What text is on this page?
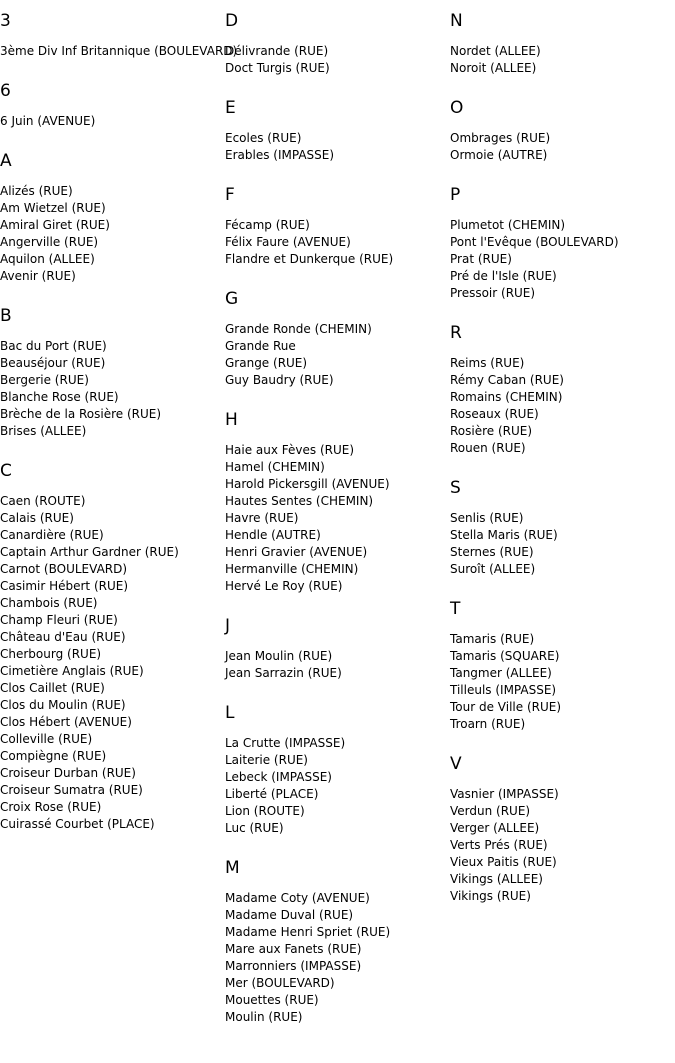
3
3ème Div Inf Britannique (BOULEVARD)
6
6 Juin (AVENUE)
A
Alizés (RUE)
Am Wietzel (RUE)
Amiral Giret (RUE)
Angerville (RUE)
Aquilon (ALLEE)
Avenir (RUE)
B
Bac du Port (RUE)
Beauséjour (RUE)
Bergerie (RUE)
Blanche Rose (RUE)
Brèche de la Rosière (RUE)
Brises (ALLEE)
C
Caen (ROUTE)
Calais (RUE)
Canardière (RUE)
Captain Arthur Gardner (RUE)
Carnot (BOULEVARD)
Casimir Hébert (RUE)
Chambois (RUE)
Champ Fleuri (RUE)
Château d'Eau (RUE)
Cherbourg (RUE)
Cimetière Anglais (RUE)
Clos Caillet (RUE)
Clos du Moulin (RUE)
Clos Hébert (AVENUE)
Colleville (RUE)
Compiègne (RUE)
Croiseur Durban (RUE)
Croiseur Sumatra (RUE)
Croix Rose (RUE)
Cuirassé Courbet (PLACE)
D
Délivrande (RUE)
Doct Turgis (RUE)
E
Ecoles (RUE)
Erables (IMPASSE)
F
Fécamp (RUE)
Félix Faure (AVENUE)
Flandre et Dunkerque (RUE)
G
Grande Ronde (CHEMIN)
Grande Rue
Grange (RUE)
Guy Baudry (RUE)
H
Haie aux Fèves (RUE)
Hamel (CHEMIN)
Harold Pickersgill (AVENUE)
Hautes Sentes (CHEMIN)
Havre (RUE)
Hendle (AUTRE)
Henri Gravier (AVENUE)
Hermanville (CHEMIN)
Hervé Le Roy (RUE)
J
Jean Moulin (RUE)
Jean Sarrazin (RUE)
L
La Crutte (IMPASSE)
Laiterie (RUE)
Lebeck (IMPASSE)
Liberté (PLACE)
Lion (ROUTE)
Luc (RUE)
M
Madame Coty (AVENUE)
Madame Duval (RUE)
Madame Henri Spriet (RUE)
Mare aux Fanets (RUE)
Marronniers (IMPASSE)
Mer (BOULEVARD)
Mouettes (RUE)
Moulin (RUE)
N
Nordet (ALLEE)
Noroit (ALLEE)
O
Ombrages (RUE)
Ormoie (AUTRE)
P
Plumetot (CHEMIN)
Pont l'Evêque (BOULEVARD)
Prat (RUE)
Pré de l'Isle (RUE)
Pressoir (RUE)
R
Reims (RUE)
Rémy Caban (RUE)
Romains (CHEMIN)
Roseaux (RUE)
Rosière (RUE)
Rouen (RUE)
S
Senlis (RUE)
Stella Maris (RUE)
Sternes (RUE)
Suroît (ALLEE)
T
Tamaris (RUE)
Tamaris (SQUARE)
Tangmer (ALLEE)
Tilleuls (IMPASSE)
Tour de Ville (RUE)
Troarn (RUE)
V
Vasnier (IMPASSE)
Verdun (RUE)
Verger (ALLEE)
Verts Prés (RUE)
Vieux Paitis (RUE)
Vikings (ALLEE)
Vikings (RUE)
